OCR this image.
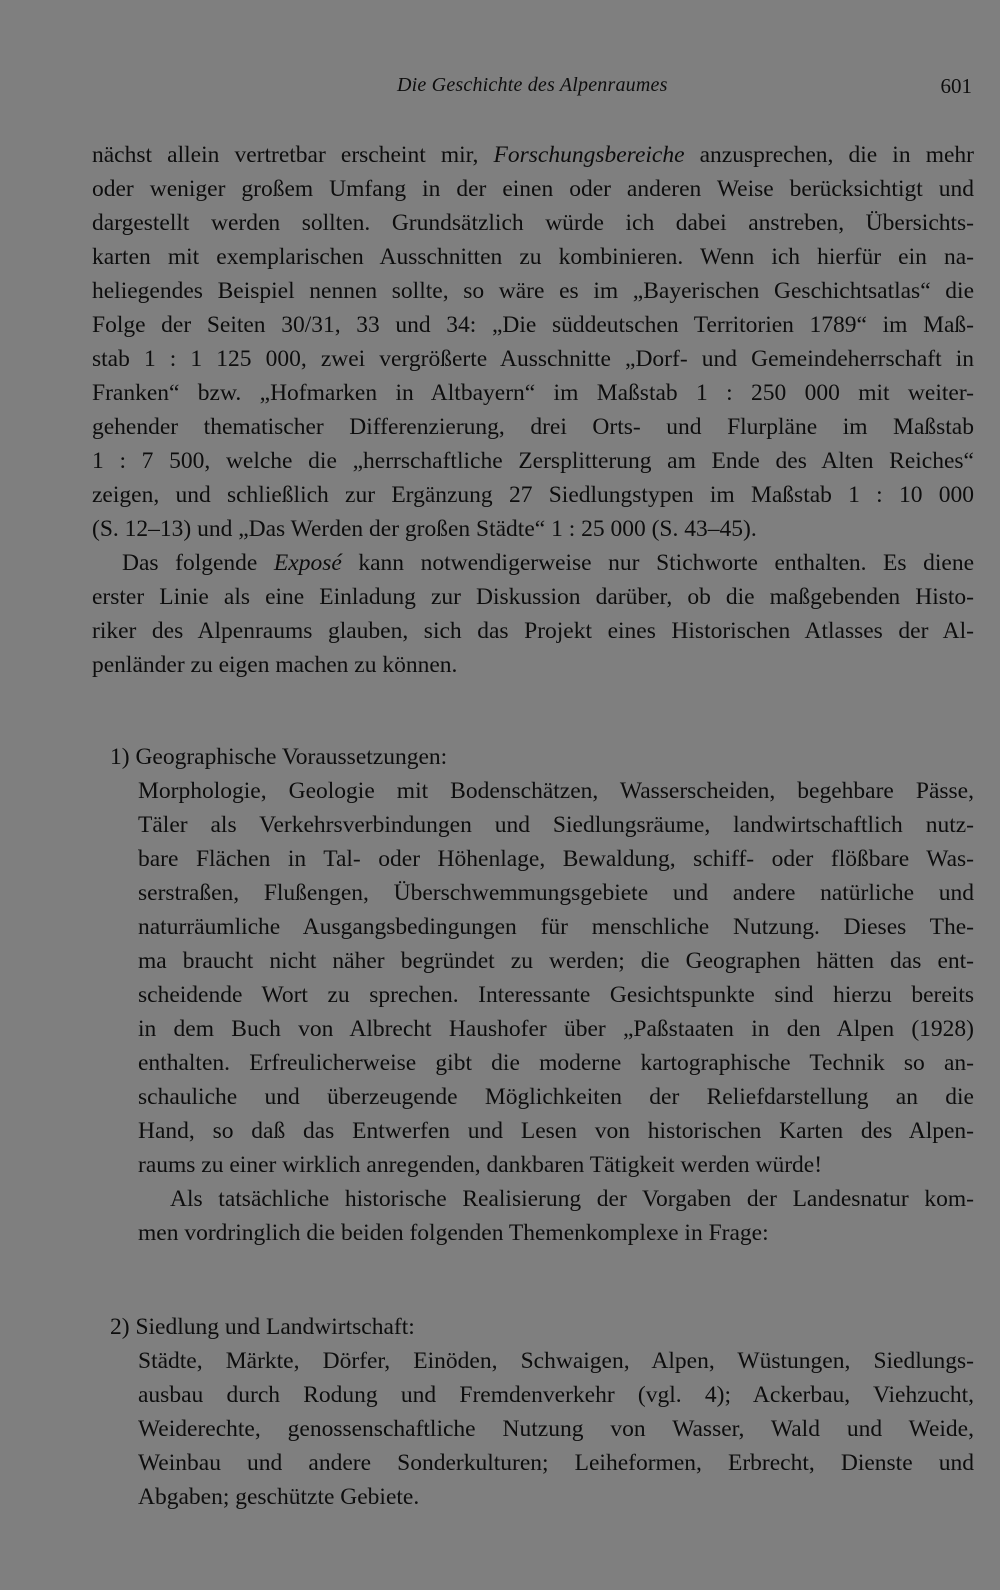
Die Geschichte des Alpenraumes	601
nächst allein vertretbar erscheint mir, Forschungsbereiche anzusprechen, die in mehr
oder weniger großem Umfang in der einen oder anderen Weise berücksichtigt und
dargestellt werden sollten. Grundsätzlich würde ich dabei anstreben, Übersichts-
karten mit exemplarischen Ausschnitten zu kombinieren. Wenn ich hierfür ein na-
heliegendes Beispiel nennen sollte, so wäre es im „Bayerischen Geschichtsatlas“ die
Folge der Seiten 30/31, 33 und 34: „Die süddeutschen Territorien 1789“ im Maß-
stab 1 : 1 125 000, zwei vergrößerte Ausschnitte „Dorf- und Gemeindeherrschaft in
Franken“ bzw. „Hofmarken in Altbayern“ im Maßstab 1 : 250 000 mit weiter-
gehender thematischer Differenzierung, drei Orts- und Flurpläne im Maßstab
1 : 7 500, welche die „herrschaftliche Zersplitterung am Ende des Alten Reiches“
zeigen, und schließlich zur Ergänzung 27 Siedlungstypen im Maßstab 1 : 10 000
(S. 12–13) und „Das Werden der großen Städte“ 1 : 25 000 (S. 43–45).
Das folgende Exposé kann notwendigerweise nur Stichworte enthalten. Es diene
erster Linie als eine Einladung zur Diskussion darüber, ob die maßgebenden Histo-
riker des Alpenraums glauben, sich das Projekt eines Historischen Atlasses der Al-
penländer zu eigen machen zu können.
1) Geographische Voraussetzungen:
Morphologie, Geologie mit Bodenschätzen, Wasserscheiden, begehbare Pässe,
Täler als Verkehrsverbindungen und Siedlungsräume, landwirtschaftlich nutz-
bare Flächen in Tal- oder Höhenlage, Bewaldung, schiff- oder flößbare Was-
serstraßen, Flußengen, Überschwemmungsgebiete und andere natürliche und
naturräumliche Ausgangsbedingungen für menschliche Nutzung. Dieses The-
ma braucht nicht näher begründet zu werden; die Geographen hätten das ent-
scheidende Wort zu sprechen. Interessante Gesichtspunkte sind hierzu bereits
in dem Buch von Albrecht Haushofer über „Paßstaaten in den Alpen (1928)
enthalten. Erfreulicherweise gibt die moderne kartographische Technik so an-
schauliche und überzeugende Möglichkeiten der Reliefdarstellung an die
Hand, so daß das Entwerfen und Lesen von historischen Karten des Alpen-
raums zu einer wirklich anregenden, dankbaren Tätigkeit werden würde!
Als tatsächliche historische Realisierung der Vorgaben der Landesnatur kom-
men vordringlich die beiden folgenden Themenkomplexe in Frage:
2) Siedlung und Landwirtschaft:
Städte, Märkte, Dörfer, Einöden, Schwaigen, Alpen, Wüstungen, Siedlungs-
ausbau durch Rodung und Fremdenverkehr (vgl. 4); Ackerbau, Viehzucht,
Weiderechte, genossenschaftliche Nutzung von Wasser, Wald und Weide,
Weinbau und andere Sonderkulturen; Leiheformen, Erbrecht, Dienste und
Abgaben; geschützte Gebiete.
